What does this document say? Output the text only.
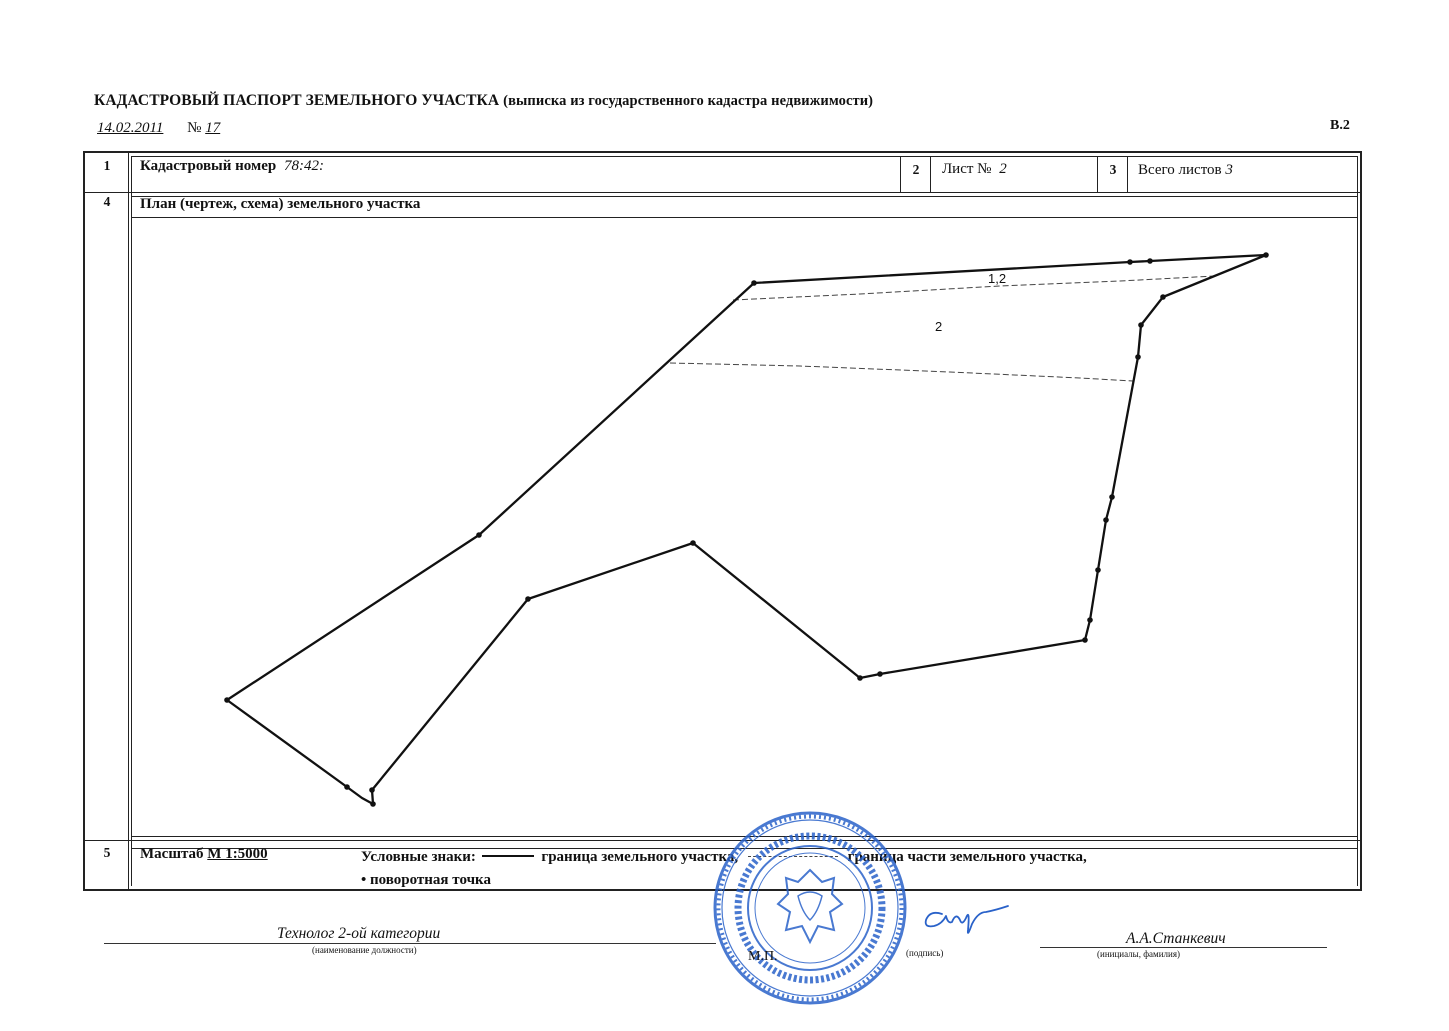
КАДАСТРОВЫЙ ПАСПОРТ ЗЕМЕЛЬНОГО УЧАСТКА (выписка из государственного кадастра недвижимости)
14.02.2011 № 17	В.2
1	Кадастровый номер 78:42:	2	Лист № 2	3	Всего листов 3
4	План (чертеж, схема) земельного участка
1,2
2
5	Масштаб М 1:5000	Условные знаки:	граница земельного участка,	граница части земельного участка,
• поворотная точка
Технолог 2-ой категории
(наименование должности)
А.А.Станкевич
(инициалы, фамилия)
(подпись)
М.П.
